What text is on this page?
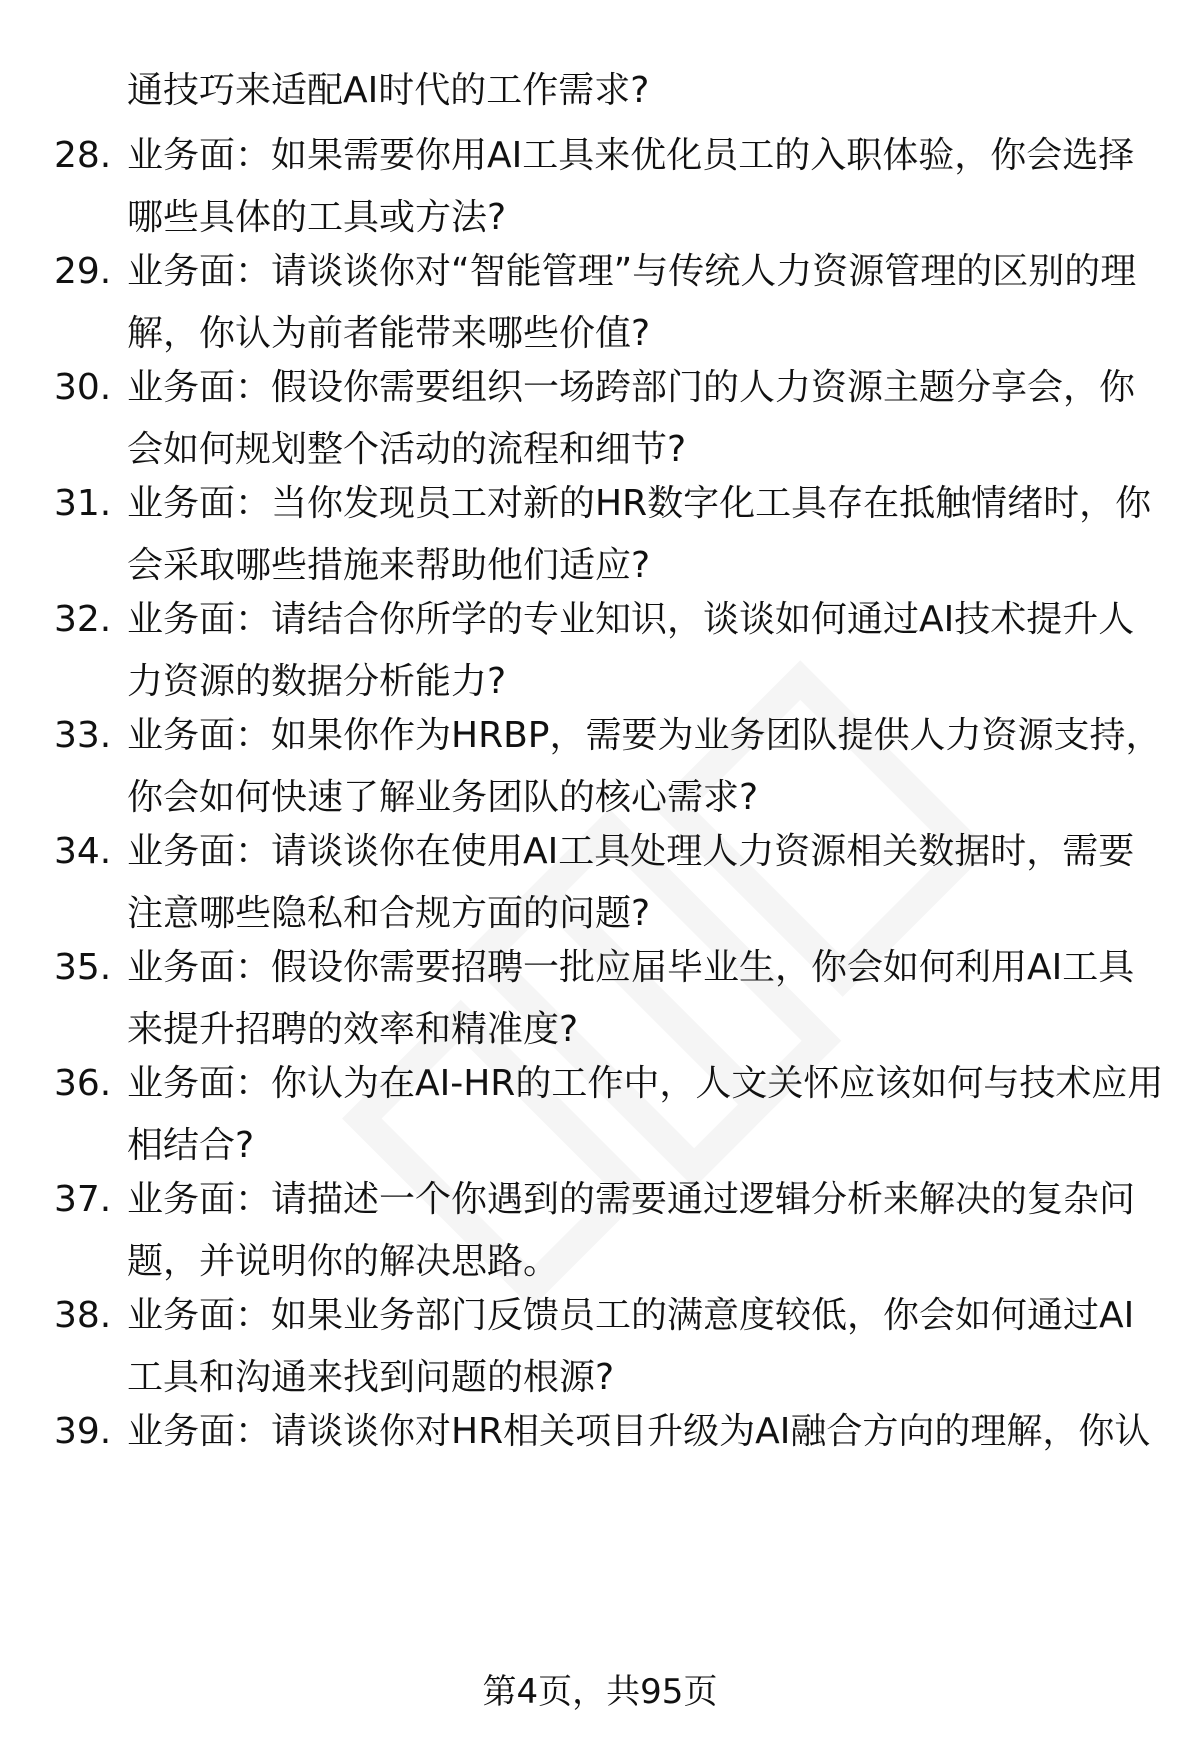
通技巧来适配AI时代的工作需求?
28. 业务面：如果需要你用AI工具来优化员工的入职体验，你会选择哪些具体的工具或方法?
29. 业务面：请谈谈你对“智能管理”与传统人力资源管理的区别的理解，你认为前者能带来哪些价值?
30. 业务面：假设你需要组织一场跨部门的人力资源主题分享会，你会如何规划整个活动的流程和细节?
31. 业务面：当你发现员工对新的HR数字化工具存在抵触情绪时，你会采取哪些措施来帮助他们适应?
32. 业务面：请结合你所学的专业知识，谈谈如何通过AI技术提升人力资源的数据分析能力?
33. 业务面：如果你作为HRBP，需要为业务团队提供人力资源支持，你会如何快速了解业务团队的核心需求?
34. 业务面：请谈谈你在使用AI工具处理人力资源相关数据时，需要注意哪些隐私和合规方面的问题?
35. 业务面：假设你需要招聘一批应届毕业生，你会如何利用AI工具来提升招聘的效率和精准度?
36. 业务面：你认为在AI-HR的工作中，人文关怀应该如何与技术应用相结合?
37. 业务面：请描述一个你遇到的需要通过逻辑分析来解决的复杂问题，并说明你的解决思路。
38. 业务面：如果业务部门反馈员工的满意度较低，你会如何通过AI工具和沟通来找到问题的根源?
39. 业务面：请谈谈你对HR相关项目升级为AI融合方向的理解，你认
第4页，共95页
